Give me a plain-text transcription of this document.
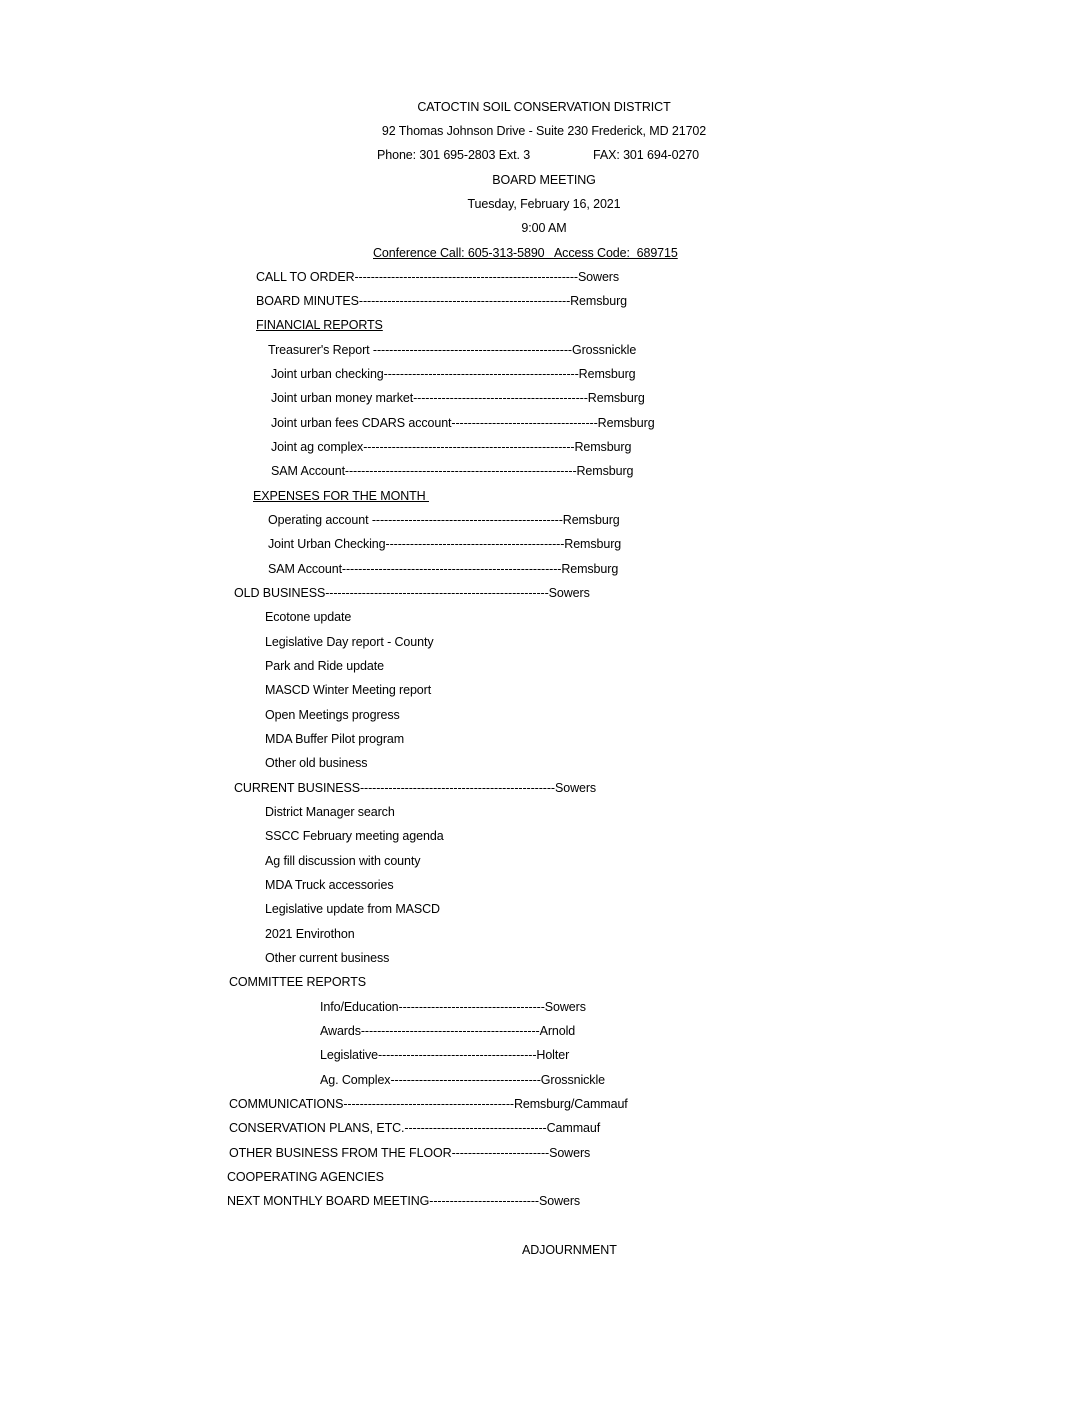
CATOCTIN SOIL CONSERVATION DISTRICT
92 Thomas Johnson Drive - Suite 230 Frederick, MD 21702
Phone: 301 695-2803 Ext. 3	FAX: 301 694-0270
BOARD MEETING
Tuesday, February 16, 2021
9:00 AM
Conference Call: 605-313-5890   Access Code:  689715
CALL TO ORDER-------------------------------------------------------Sowers
BOARD MINUTES----------------------------------------------------Remsburg
FINANCIAL REPORTS
Treasurer's Report -------------------------------------------------Grossnickle
Joint urban checking------------------------------------------------Remsburg
Joint urban money market-------------------------------------------Remsburg
Joint urban fees CDARS account------------------------------------Remsburg
Joint ag complex----------------------------------------------------Remsburg
SAM Account---------------------------------------------------------Remsburg
EXPENSES FOR THE MONTH
Operating account -----------------------------------------------Remsburg
Joint Urban Checking--------------------------------------------Remsburg
SAM Account------------------------------------------------------Remsburg
OLD BUSINESS-------------------------------------------------------Sowers
Ecotone update
Legislative Day report - County
Park and Ride update
MASCD Winter Meeting report
Open Meetings progress
MDA Buffer Pilot program
Other old business
CURRENT BUSINESS------------------------------------------------Sowers
District Manager search
SSCC February meeting agenda
Ag fill discussion with county
MDA Truck accessories
Legislative update from MASCD
2021 Envirothon
Other current business
COMMITTEE REPORTS
Info/Education------------------------------------Sowers
Awards--------------------------------------------Arnold
Legislative---------------------------------------Holter
Ag. Complex-------------------------------------Grossnickle
COMMUNICATIONS------------------------------------------Remsburg/Cammauf
CONSERVATION PLANS, ETC.-----------------------------------Cammauf
OTHER BUSINESS FROM THE FLOOR------------------------Sowers
COOPERATING AGENCIES
NEXT MONTHLY BOARD MEETING---------------------------Sowers
ADJOURNMENT
